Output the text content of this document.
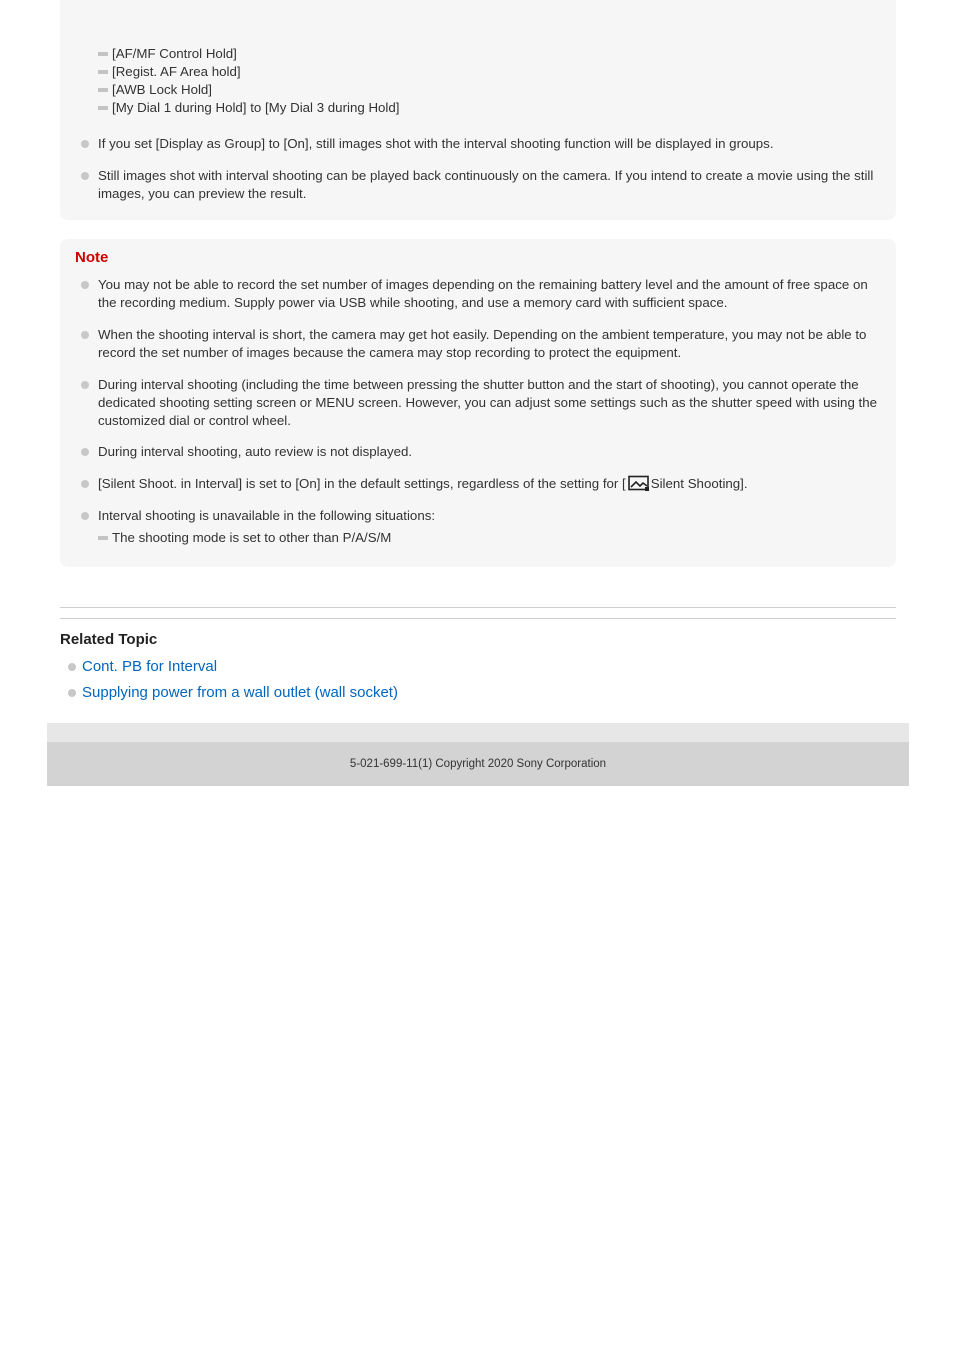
[AF/MF Control Hold]
[Regist. AF Area hold]
[AWB Lock Hold]
[My Dial 1 during Hold] to [My Dial 3 during Hold]
If you set [Display as Group] to [On], still images shot with the interval shooting function will be displayed in groups.
Still images shot with interval shooting can be played back continuously on the camera. If you intend to create a movie using the still images, you can preview the result.
Note
You may not be able to record the set number of images depending on the remaining battery level and the amount of free space on the recording medium. Supply power via USB while shooting, and use a memory card with sufficient space.
When the shooting interval is short, the camera may get hot easily. Depending on the ambient temperature, you may not be able to record the set number of images because the camera may stop recording to protect the equipment.
During interval shooting (including the time between pressing the shutter button and the start of shooting), you cannot operate the dedicated shooting setting screen or MENU screen. However, you can adjust some settings such as the shutter speed with using the customized dial or control wheel.
During interval shooting, auto review is not displayed.
[Silent Shoot. in Interval] is set to [On] in the default settings, regardless of the setting for [ Silent Shooting].
Interval shooting is unavailable in the following situations:
The shooting mode is set to other than P/A/S/M
Related Topic
Cont. PB for Interval
Supplying power from a wall outlet (wall socket)
5-021-699-11(1) Copyright 2020 Sony Corporation
